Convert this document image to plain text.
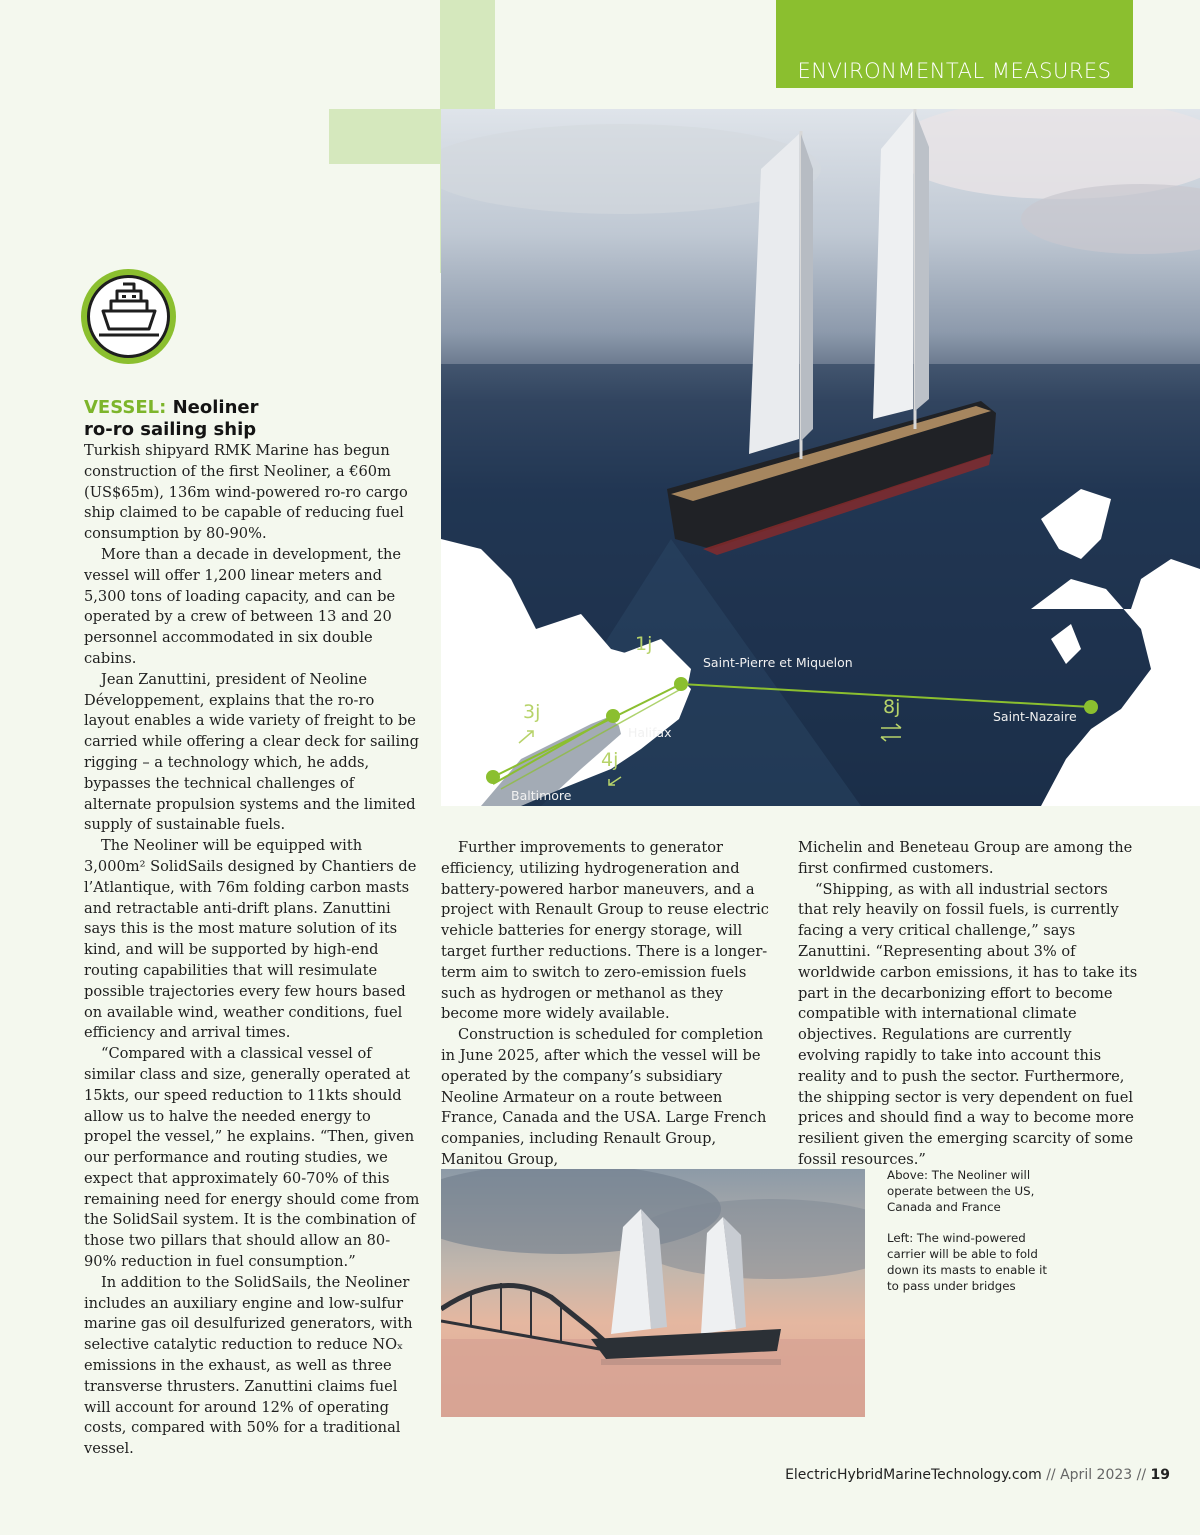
ENVIRONMENTAL MEASURES
Saint-Pierre et Miquelon
Saint-Nazaire
Halifax
Baltimore
1j
3j
4j
8j
VESSEL: Neoliner
ro-ro sailing ship

Turkish shipyard RMK Marine has begun construction of the first Neoliner, a €60m (US$65m), 136m wind-powered ro-ro cargo ship claimed to be capable of reducing fuel consumption by 80-90%.

More than a decade in development, the vessel will offer 1,200 linear meters and 5,300 tons of loading capacity, and can be operated by a crew of between 13 and 20 personnel accommodated in six double cabins.

Jean Zanuttini, president of Neoline Développement, explains that the ro-ro layout enables a wide variety of freight to be carried while offering a clear deck for sailing rigging – a technology which, he adds, bypasses the technical challenges of alternate propulsion systems and the limited supply of sustainable fuels.

The Neoliner will be equipped with 3,000m² SolidSails designed by Chantiers de l’Atlantique, with 76m folding carbon masts and retractable anti-drift plans. Zanuttini says this is the most mature solution of its kind, and will be supported by high-end routing capabilities that will resimulate possible trajectories every few hours based on available wind, weather conditions, fuel efficiency and arrival times.

“Compared with a classical vessel of similar class and size, generally operated at 15kts, our speed reduction to 11kts should allow us to halve the needed energy to propel the vessel,” he explains. “Then, given our performance and routing studies, we expect that approximately 60-70% of this remaining need for energy should come from the SolidSail system. It is the combination of those two pillars that should allow an 80-90% reduction in fuel consumption.”

In addition to the SolidSails, the Neoliner includes an auxiliary engine and low-sulfur marine gas oil desulfurized generators, with selective catalytic reduction to reduce NOₓ emissions in the exhaust, as well as three transverse thrusters. Zanuttini claims fuel will account for around 12% of operating costs, compared with 50% for a traditional vessel.

Further improvements to generator efficiency, utilizing hydrogeneration and battery-powered harbor maneuvers, and a project with Renault Group to reuse electric vehicle batteries for energy storage, will target further reductions. There is a longer-term aim to switch to zero-emission fuels such as hydrogen or methanol as they become more widely available.

Construction is scheduled for completion in June 2025, after which the vessel will be operated by the company’s subsidiary Neoline Armateur on a route between France, Canada and the USA. Large French companies, including Renault Group, Manitou Group,

Michelin and Beneteau Group are among the first confirmed customers.

“Shipping, as with all industrial sectors that rely heavily on fossil fuels, is currently facing a very critical challenge,” says Zanuttini. “Representing about 3% of worldwide carbon emissions, it has to take its part in the decarbonizing effort to become compatible with international climate objectives. Regulations are currently evolving rapidly to take into account this reality and to push the sector. Furthermore, the shipping sector is very dependent on fuel prices and should find a way to become more resilient given the emerging scarcity of some fossil resources.”

Above: The Neoliner will operate between the US, Canada and France

Left: The wind-powered carrier will be able to fold down its masts to enable it to pass under bridges

ElectricHybridMarineTechnology.com // April 2023 // 19
